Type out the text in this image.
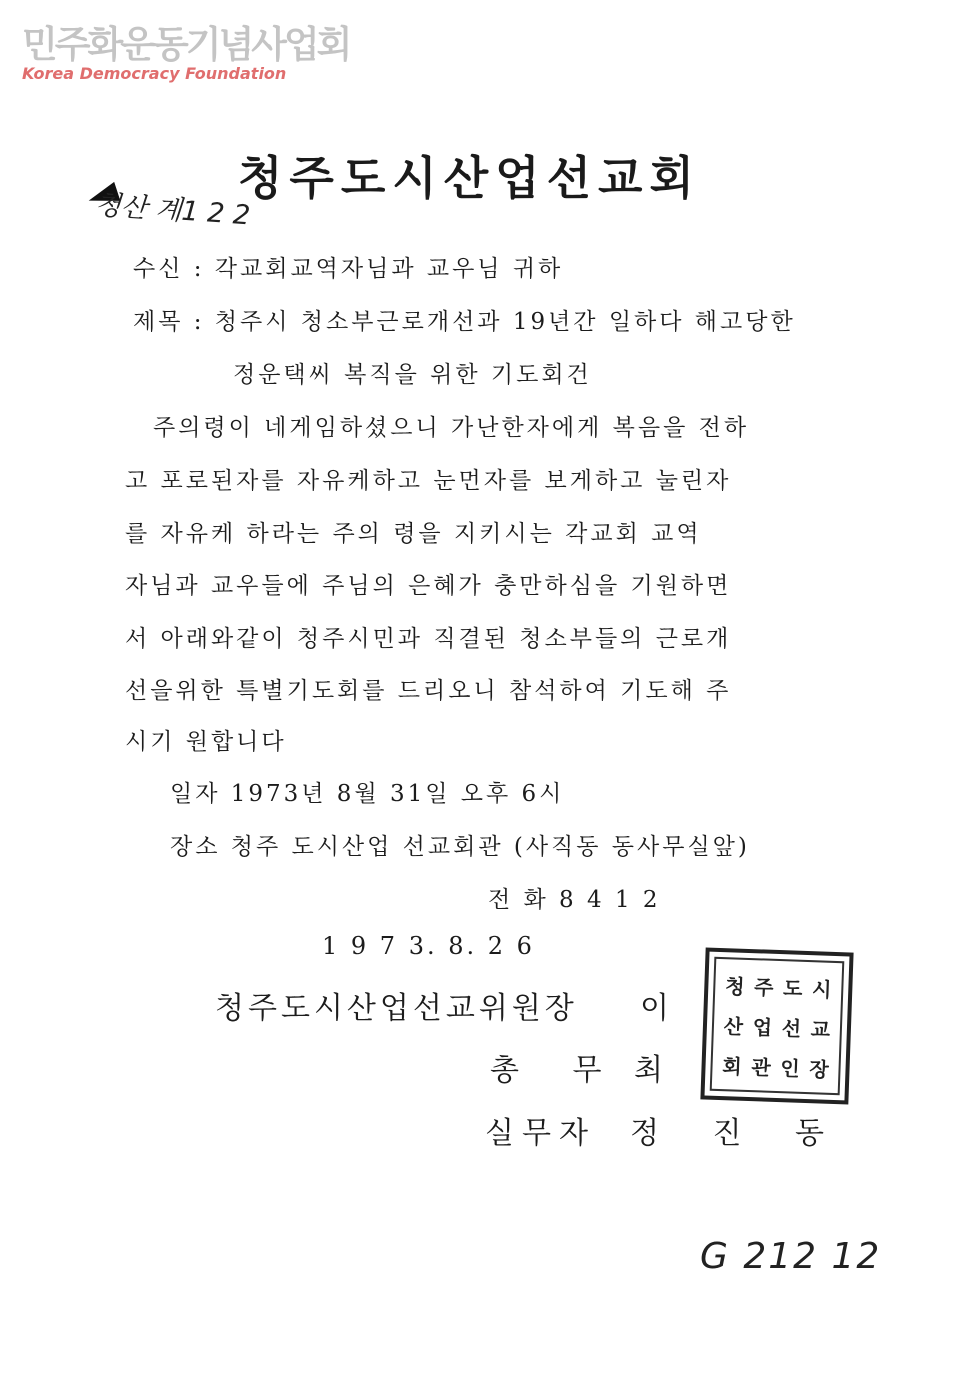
민주화운동기념사업회
Korea Democracy Foundation
청주도시산업선교회
청산 계1 2 2
수신 : 각교회교역자님과 교우님 귀하
제목 : 청주시 청소부근로개선과 19년간 일하다 해고당한
정운택씨 복직을 위한 기도회건
주의령이 네게임하셨으니 가난한자에게 복음을 전하
고 포로된자를 자유케하고 눈먼자를 보게하고 눌린자
를 자유케 하라는 주의 령을 지키시는 각교회 교역
자님과 교우들에 주님의 은혜가 충만하심을 기원하면
서 아래와같이 청주시민과 직결된 청소부들의 근로개
선을위한 특별기도회를 드리오니 참석하여 기도해 주
시기 원합니다
일자 1973년 8월 31일 오후 6시
장소 청주 도시산업 선교회관 (사직동 동사무실앞)
전 화 8 4 1 2
1 9 7 3. 8. 2 6
청주도시산업선교위원장 이
총 무 최
실무자 정 진 동
청 주 도 시
산 업 선 교
회 관 인 장
G 212 12
